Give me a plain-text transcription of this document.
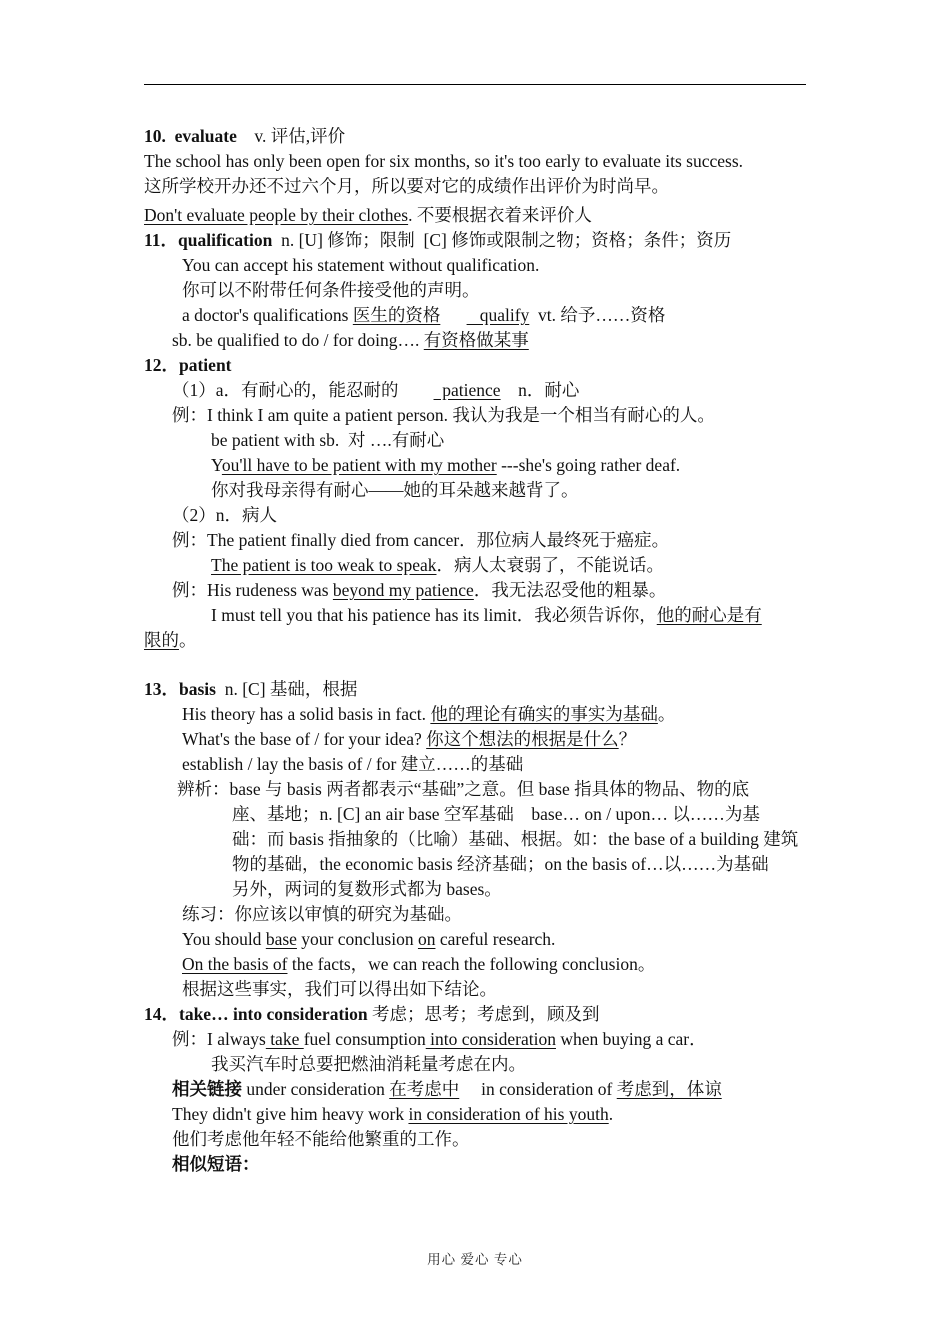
10.  evaluate    v. 评估,评价
The school has only been open for six months, so it's too early to evaluate its success.
这所学校开办还不过六个月，所以要对它的成绩作出评价为时尚早。
Don't evaluate people by their clothes. 不要根据衣着来评价人
11．qualification  n. [U] 修饰；限制  [C] 修饰或限制之物；资格；条件；资历
You can accept his statement without qualification.
你可以不附带任何条件接受他的声明。
a doctor's qualifications 医生的资格         qualify  vt. 给予……资格
sb. be qualified to do / for doing…. 有资格做某事
12．patient
（1）a．有耐心的，能忍耐的          patience    n．耐心
例：I think I am quite a patient person. 我认为我是一个相当有耐心的人。
be patient with sb.  对 ….有耐心
You'll have to be patient with my mother ---she's going rather deaf.
你对我母亲得有耐心——她的耳朵越来越背了。
（2）n．病人
例：The patient finally died from cancer．那位病人最终死于癌症。
The patient is too weak to speak．病人太衰弱了，不能说话。
例：His rudeness was beyond my patience．我无法忍受他的粗暴。
I must tell you that his patience has its limit．我必须告诉你，他的耐心是有
限的。
13．basis  n. [C] 基础，根据
His theory has a solid basis in fact. 他的理论有确实的事实为基础。
What's the base of / for your idea? 你这个想法的根据是什么？
establish / lay the basis of / for 建立……的基础
辨析：base 与 basis 两者都表示“基础”之意。但 base 指具体的物品、物的底
座、基地；n. [C] an air base 空军基础    base… on / upon… 以……为基
础：而 basis 指抽象的（比喻）基础、根据。如：the base of a building 建筑
物的基础，the economic basis 经济基础；on the basis of…以……为基础
另外，两词的复数形式都为 bases。
练习：你应该以审慎的研究为基础。
You should base your conclusion on careful research.
On the basis of the facts，we can reach the following conclusion。
根据这些事实，我们可以得出如下结论。
14．take… into consideration 考虑；思考；考虑到，顾及到
例：I always take fuel consumption into consideration when buying a car．
我买汽车时总要把燃油消耗量考虑在内。
相关链接 under consideration 在考虑中     in consideration of 考虑到，体谅
They didn't give him heavy work in consideration of his youth.
他们考虑他年轻不能给他繁重的工作。
相似短语：
用心 爱心 专心
